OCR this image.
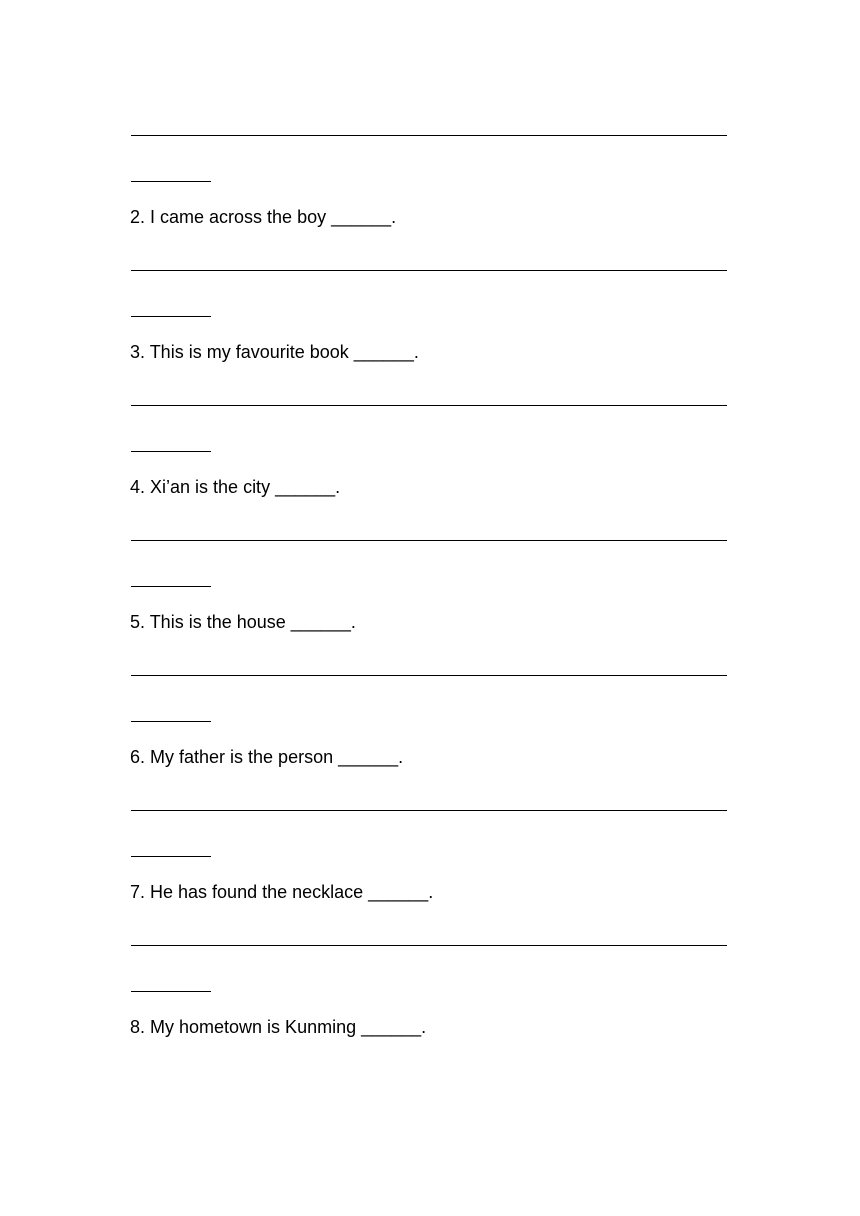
2. I came across the boy ______.
3. This is my favourite book ______.
4. Xi’an is the city ______.
5. This is the house ______.
6. My father is the person ______.
7. He has found the necklace ______.
8. My hometown is Kunming ______.
